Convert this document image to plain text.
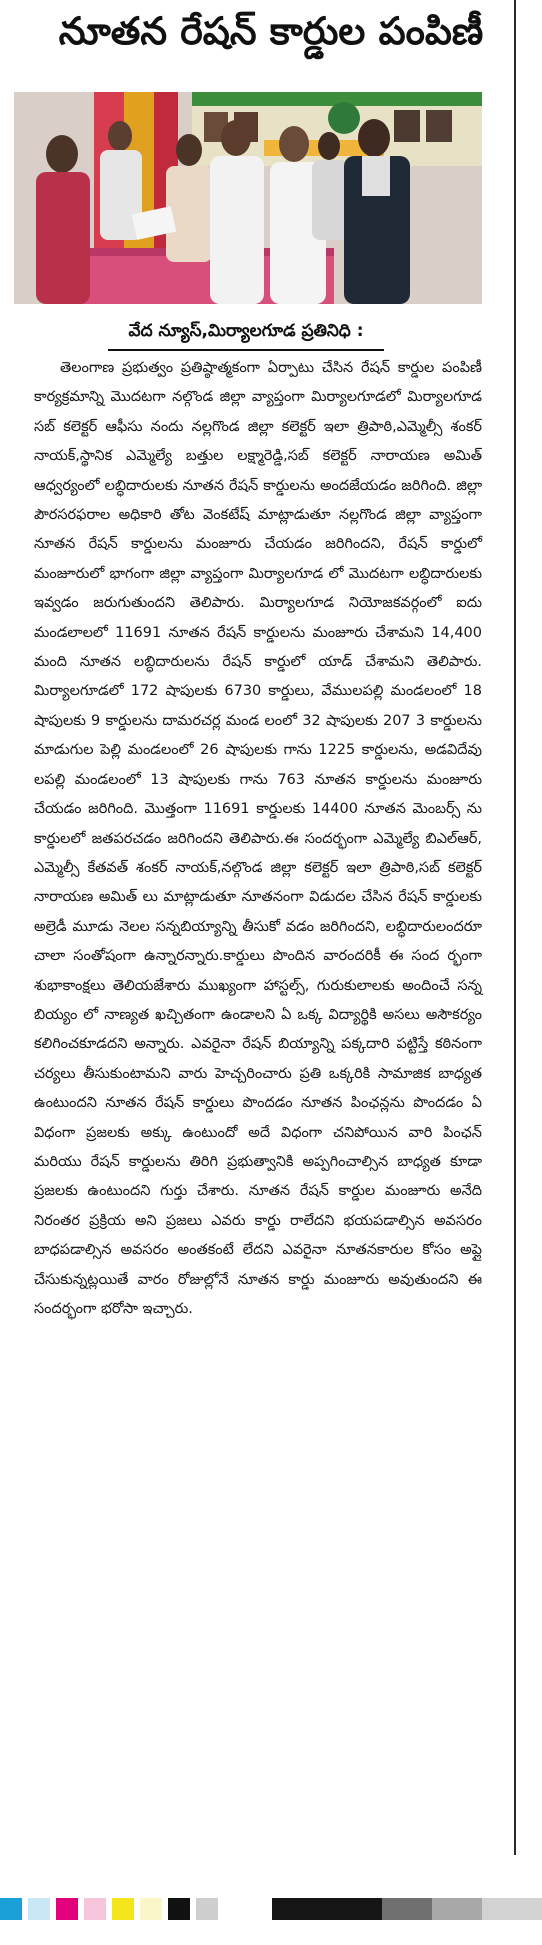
నూతన రేషన్ కార్డుల పంపిణీ
వేద న్యూస్,మిర్యాలగూడ ప్రతినిధి :
తెలంగాణ ప్రభుత్వం ప్రతిష్ఠాత్మకంగా ఏర్పాటు చేసిన రేషన్ కార్డుల పంపిణీ కార్యక్రమాన్ని మొదటగా నల్గొండ జిల్లా వ్యాప్తంగా మిర్యాలగూడలో మిర్యాలగూడ సబ్ కలెక్టర్ ఆఫీసు నందు నల్లగొండ జిల్లా కలెక్టర్ ఇలా త్రిపాఠి,ఎమ్మెల్సీ శంకర్ నాయక్,స్థానిక ఎమ్మెల్యే బత్తుల లక్ష్మారెడ్డి,సబ్ కలెక్టర్ నారాయణ అమిత్ ఆధ్వర్యంలో లబ్ధిదారులకు నూతన రేషన్ కార్డులను అందజేయడం జరిగింది. జిల్లా పౌరసరఫరాల అధికారి తోట వెంకటేష్ మాట్లాడుతూ నల్లగొండ జిల్లా వ్యాప్తంగా నూతన రేషన్ కార్డులను మంజూరు చేయడం జరిగిందని, రేషన్ కార్డులో మంజూరులో భాగంగా జిల్లా వ్యాప్తంగా మిర్యాలగూడ లో మొదటగా లబ్ధిదారులకు ఇవ్వడం జరుగుతుందని తెలిపారు. మిర్యాలగూడ నియోజకవర్గంలో ఐదు మండలాలలో 11691 నూతన రేషన్ కార్డులను మంజూరు చేశామని 14,400 మంది నూతన లబ్ధిదారులను రేషన్ కార్డులో యాడ్ చేశామని తెలిపారు. మిర్యాలగూడలో 172 షాపులకు 6730 కార్డులు, వేములపల్లి మండలంలో 18 షాపులకు 9 కార్డులను దామరచర్ల మండ లంలో 32 షాపులకు 207 3 కార్డులను మాడుగుల పెల్లి మండలంలో 26 షాపులకు గాను 1225 కార్డులను, అడవిదేవు లపల్లి మండలంలో 13 షాపులకు గాను 763 నూతన కార్డులను మంజూరు చేయడం జరిగింది. మొత్తంగా 11691 కార్డులకు 14400 నూతన మెంబర్స్ ను కార్డులలో జతపరచడం జరిగిందని తెలిపారు.ఈ సందర్భంగా ఎమ్మెల్యే బిఎల్ఆర్, ఎమ్మెల్సీ కేతవత్ శంకర్ నాయక్,నల్గొండ జిల్లా కలెక్టర్ ఇలా త్రిపాఠి,సబ్ కలెక్టర్ నారాయణ అమిత్ లు మాట్లాడుతూ నూతనంగా విడుదల చేసిన రేషన్ కార్డులకు అల్రెడీ మూడు నెలల సన్నబియ్యాన్ని తీసుకో వడం జరిగిందని, లబ్ధిదారులందరూ చాలా సంతోషంగా ఉన్నారన్నారు.కార్డులు పొందిన వారందరికీ ఈ సంద ర్భంగా శుభాకాంక్షలు తెలియజేశారు ముఖ్యంగా హాస్టల్స్, గురుకులాలకు అందించే సన్న బియ్యం లో నాణ్యత ఖచ్చితంగా ఉండాలని ఏ ఒక్క విద్యార్థికి అసలు అసౌకర్యం కలిగించకూడదని అన్నారు. ఎవరైనా రేషన్ బియ్యాన్ని పక్కదారి పట్టిస్తే కఠినంగా చర్యలు తీసుకుంటామని వారు హెచ్చరించారు ప్రతి ఒక్కరికి సామాజిక బాధ్యత ఉంటుందని నూతన రేషన్ కార్డులు పొందడం నూతన పింఛన్లను పొందడం ఏ విధంగా ప్రజలకు అక్కు ఉంటుందో అదే విధంగా చనిపోయిన వారి పింఛన్ మరియు రేషన్ కార్డులను తిరిగి ప్రభుత్వానికి అప్పగించాల్సిన బాధ్యత కూడా ప్రజలకు ఉంటుందని గుర్తు చేశారు. నూతన రేషన్ కార్డుల మంజూరు అనేది నిరంతర ప్రక్రియ అని ప్రజలు ఎవరు కార్డు రాలేదని భయపడాల్సిన అవసరం బాధపడాల్సిన అవసరం అంతకంటే లేదని ఎవరైనా నూతనకారుల కోసం అప్లై చేసుకున్నట్లయితే వారం రోజుల్లోనే నూతన కార్డు మంజూరు అవుతుందని ఈ సందర్భంగా భరోసా ఇచ్చారు.
